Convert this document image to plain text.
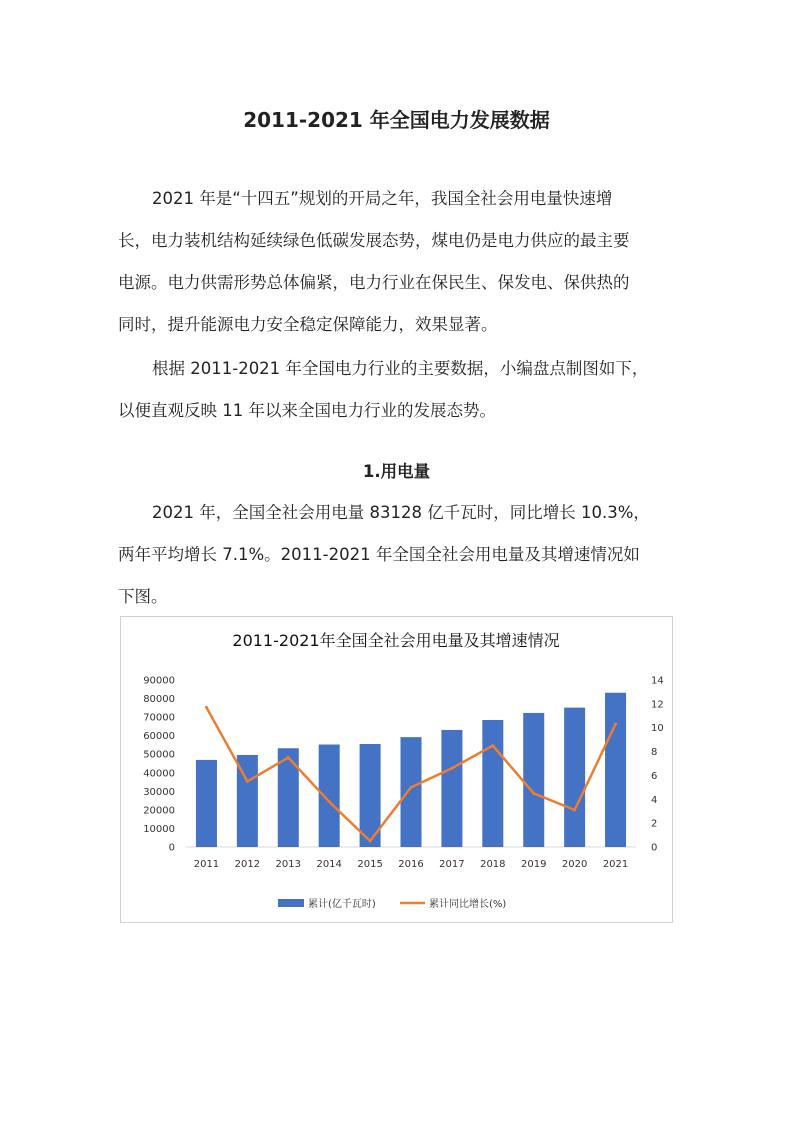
2011-2021 年全国电力发展数据
2021 年是“十四五”规划的开局之年，我国全社会用电量快速增
长，电力装机结构延续绿色低碳发展态势，煤电仍是电力供应的最主要
电源。电力供需形势总体偏紧，电力行业在保民生、保发电、保供热的
同时，提升能源电力安全稳定保障能力，效果显著。
根据 2011-2021 年全国电力行业的主要数据，小编盘点制图如下，
以便直观反映 11 年以来全国电力行业的发展态势。
1.用电量
2021 年，全国全社会用电量 83128 亿千瓦时，同比增长 10.3%，
两年平均增长 7.1%。2011-2021 年全国全社会用电量及其增速情况如
下图。
2011-2021年全国全社会用电量及其增速情况
0
10000
20000
30000
40000
50000
60000
70000
80000
90000
0
2
4
6
8
10
12
14
2011 2012 2013 2014 2015 2016 2017 2018 2019 2020 2021
累计(亿千瓦时)	累计同比增长(%)
